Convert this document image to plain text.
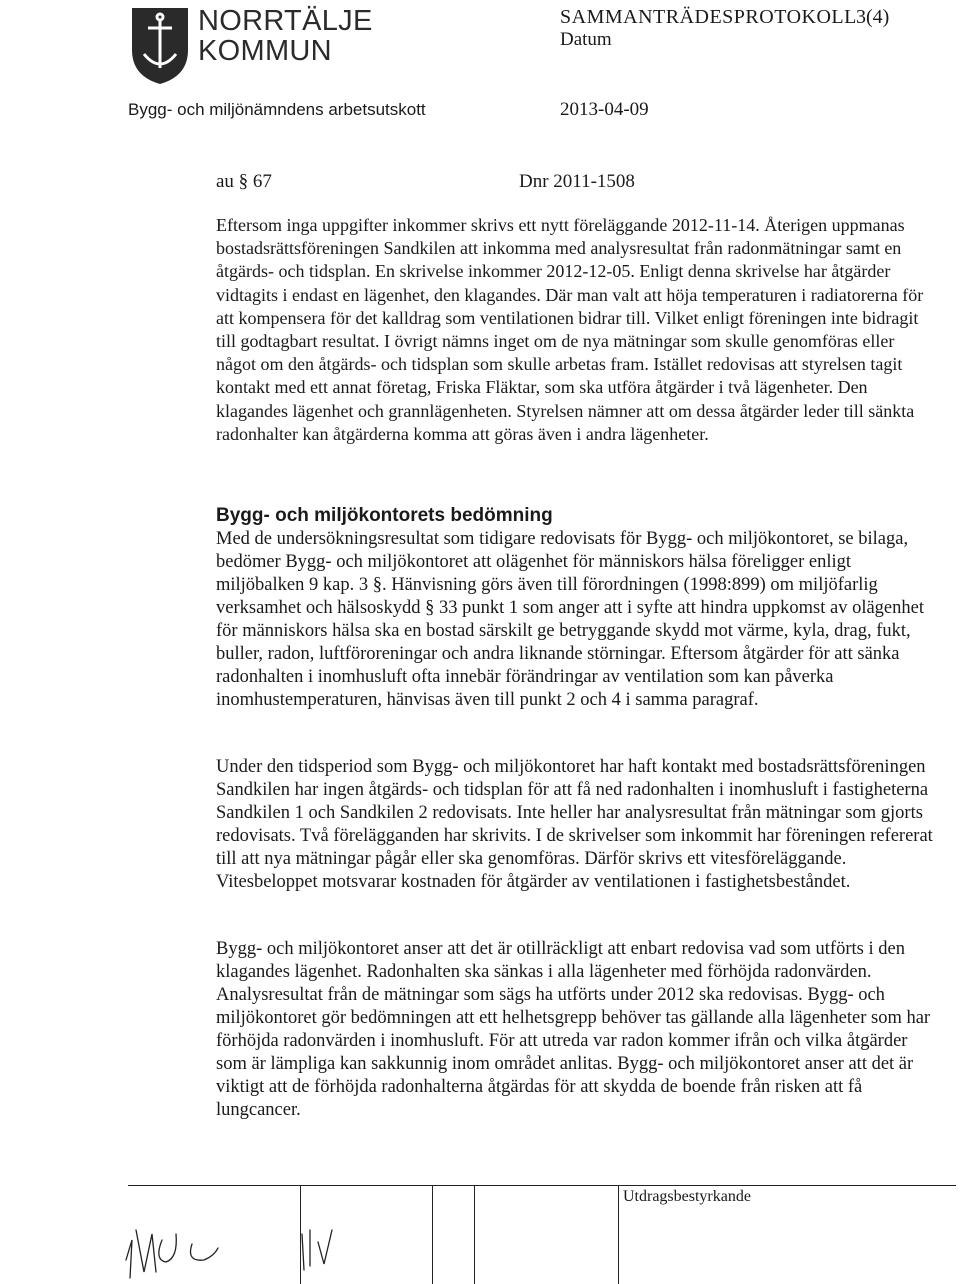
NORRTÄLJE
KOMMUN
SAMMANTRÄDESPROTOKOLL 3(4)
Datum
Bygg- och miljönämndens arbetsutskott	2013-04-09
au § 67	Dnr 2011-1508

Eftersom inga uppgifter inkommer skrivs ett nytt föreläggande 2012-11-14. Återigen uppmanas bostadsrättsföreningen Sandkilen att inkomma med analysresultat från radonmätningar samt en åtgärds- och tidsplan. En skrivelse inkommer 2012-12-05. Enligt denna skrivelse har åtgärder vidtagits i endast en lägenhet, den klagandes. Där man valt att höja temperaturen i radiatorerna för att kompensera för det kalldrag som ventilationen bidrar till. Vilket enligt föreningen inte bidragit till godtagbart resultat. I övrigt nämns inget om de nya mätningar som skulle genomföras eller något om den åtgärds- och tidsplan som skulle arbetas fram. Istället redovisas att styrelsen tagit kontakt med ett annat företag, Friska Fläktar, som ska utföra åtgärder i två lägenheter. Den klagandes lägenhet och grannlägenheten. Styrelsen nämner att om dessa åtgärder leder till sänkta radonhalter kan åtgärderna komma att göras även i andra lägenheter.

Bygg- och miljökontorets bedömning

Med de undersökningsresultat som tidigare redovisats för Bygg- och miljökontoret, se bilaga, bedömer Bygg- och miljökontoret att olägenhet för människors hälsa föreligger enligt miljöbalken 9 kap. 3 §. Hänvisning görs även till förordningen (1998:899) om miljöfarlig verksamhet och hälsoskydd § 33 punkt 1 som anger att i syfte att hindra uppkomst av olägenhet för människors hälsa ska en bostad särskilt ge betryggande skydd mot värme, kyla, drag, fukt, buller, radon, luftföroreningar och andra liknande störningar. Eftersom åtgärder för att sänka radonhalten i inomhusluft ofta innebär förändringar av ventilation som kan påverka inomhustemperaturen, hänvisas även till punkt 2 och 4 i samma paragraf.

Under den tidsperiod som Bygg- och miljökontoret har haft kontakt med bostadsrättsföreningen Sandkilen har ingen åtgärds- och tidsplan för att få ned radonhalten i inomhusluft i fastigheterna Sandkilen 1 och Sandkilen 2 redovisats. Inte heller har analysresultat från mätningar som gjorts redovisats. Två förelägganden har skrivits. I de skrivelser som inkommit har föreningen refererat till att nya mätningar pågår eller ska genomföras. Därför skrivs ett vitesföreläggande. Vitesbeloppet motsvarar kostnaden för åtgärder av ventilationen i fastighetsbeståndet.

Bygg- och miljökontoret anser att det är otillräckligt att enbart redovisa vad som utförts i den klagandes lägenhet. Radonhalten ska sänkas i alla lägenheter med förhöjda radonvärden. Analysresultat från de mätningar som sägs ha utförts under 2012 ska redovisas. Bygg- och miljökontoret gör bedömningen att ett helhetsgrepp behöver tas gällande alla lägenheter som har förhöjda radonvärden i inomhusluft. För att utreda var radon kommer ifrån och vilka åtgärder som är lämpliga kan sakkunnig inom området anlitas. Bygg- och miljökontoret anser att det är viktigt att de förhöjda radonhalterna åtgärdas för att skydda de boende från risken att få lungcancer.

Utdragsbestyrkande
